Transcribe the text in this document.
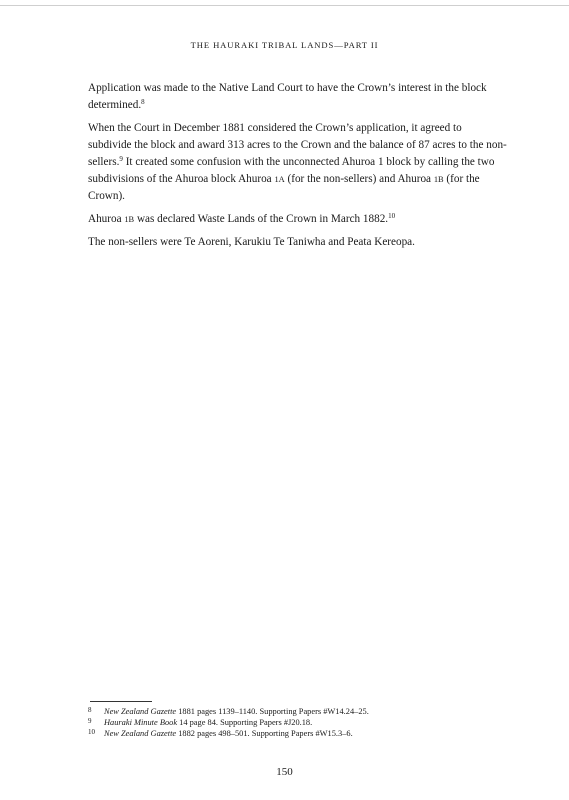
THE HAURAKI TRIBAL LANDS—PART II

Application was made to the Native Land Court to have the Crown’s interest in the block determined.$^8$

When the Court in December 1881 considered the Crown’s application, it agreed to subdivide the block and award 313 acres to the Crown and the balance of 87 acres to the non-sellers.$^9$ It created some confusion with the unconnected Ahuroa 1 block by calling the two subdivisions of the Ahuroa block Ahuroa 1A (for the non-sellers) and Ahuroa 1B (for the Crown).

Ahuroa 1B was declared Waste Lands of the Crown in March 1882.10

The non-sellers were Te Aoreni, Karukiu Te Taniwha and Peata Kereopa.

8 New Zealand Gazette 1881 pages 1139–1140. Supporting Papers #W14.24–25.
9 Hauraki Minute Book 14 page 84. Supporting Papers #J20.18.
10 New Zealand Gazette 1882 pages 498–501. Supporting Papers #W15.3–6.
150
